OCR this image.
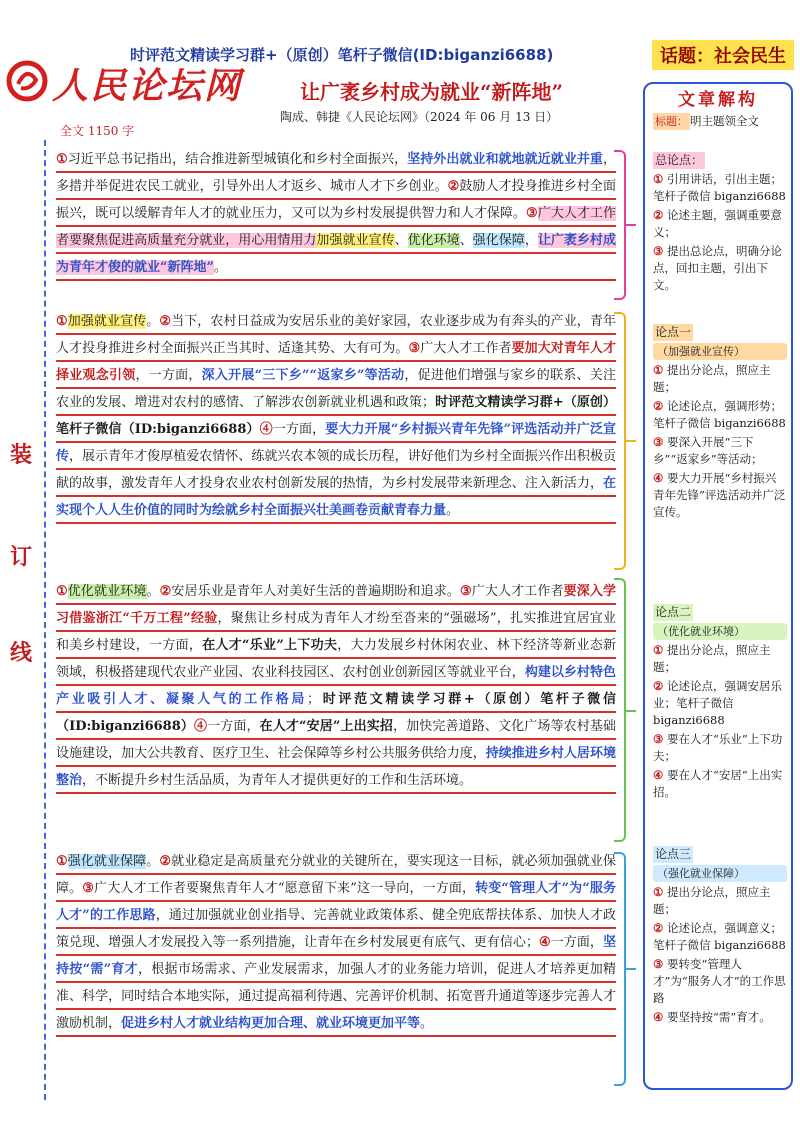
时评范文精读学习群+（原创）笔杆子微信(ID:biganzi6688)	话题：社会民生
人民论坛网	让广袤乡村成为就业“新阵地”
陶成、韩捷《人民论坛网》（2024 年 06 月 13 日）
全文 1150 字
装
订
线
①习近平总书记指出，结合推进新型城镇化和乡村全面振兴，坚持外出就业和就地就近就业并重，多措并举促进农民工就业，引导外出人才返乡、城市人才下乡创业。②鼓励人才投身推进乡村全面振兴，既可以缓解青年人才的就业压力，又可以为乡村发展提供智力和人才保障。③广大人才工作者要聚焦促进高质量充分就业，用心用情用力加强就业宣传、优化环境、强化保障，让广袤乡村成为青年才俊的就业“新阵地”。
①加强就业宣传。②当下，农村日益成为安居乐业的美好家园，农业逐步成为有奔头的产业，青年人才投身推进乡村全面振兴正当其时、适逢其势、大有可为。③广大人才工作者要加大对青年人才择业观念引领，一方面，深入开展“三下乡”“返家乡”等活动，促进他们增强与家乡的联系、关注农业的发展、增进对农村的感情、了解涉农创新就业机遇和政策；时评范文精读学习群+（原创）笔杆子微信（ID:biganzi6688）④一方面，要大力开展“乡村振兴青年先锋”评选活动并广泛宣传，展示青年才俊厚植爱农情怀、练就兴农本领的成长历程，讲好他们为乡村全面振兴作出积极贡献的故事，激发青年人才投身农业农村创新发展的热情，为乡村发展带来新理念、注入新活力，在实现个人人生价值的同时为绘就乡村全面振兴壮美画卷贡献青春力量。
①优化就业环境。②安居乐业是青年人对美好生活的普遍期盼和追求。③广大人才工作者要深入学习借鉴浙江“千万工程”经验，聚焦让乡村成为青年人才纷至沓来的“强磁场”，扎实推进宜居宜业和美乡村建设，一方面，在人才“乐业”上下功夫，大力发展乡村休闲农业、林下经济等新业态新领域，积极搭建现代农业产业园、农业科技园区、农村创业创新园区等就业平台，构建以乡村特色产业吸引人才、凝聚人气的工作格局；时评范文精读学习群+（原创）笔杆子微信（ID:biganzi6688）④一方面，在人才“安居”上出实招，加快完善道路、文化广场等农村基础设施建设，加大公共教育、医疗卫生、社会保障等乡村公共服务供给力度，持续推进乡村人居环境整治，不断提升乡村生活品质，为青年人才提供更好的工作和生活环境。
①强化就业保障。②就业稳定是高质量充分就业的关键所在，要实现这一目标，就必须加强就业保障。③广大人才工作者要聚焦青年人才“愿意留下来”这一导向，一方面，转变“管理人才”为“服务人才”的工作思路，通过加强就业创业指导、完善就业政策体系、健全兜底帮扶体系、加快人才政策兑现、增强人才发展投入等一系列措施，让青年在乡村发展更有底气、更有信心；④一方面，坚持按“需”育才，根据市场需求、产业发展需求，加强人才的业务能力培训，促进人才培养更加精准、科学，同时结合本地实际，通过提高福利待遇、完善评价机制、拓宽晋升通道等逐步完善人才激励机制，促进乡村人才就业结构更加合理、就业环境更加平等。
文章解构
标题： 明主题领全文
总论点：
① 引用讲话，引出主题；笔杆子微信 biganzi6688
② 论述主题，强调重要意义；
③ 提出总论点，明确分论点，回扣主题，引出下文。
论点一
（加强就业宣传）
① 提出分论点，照应主题；
② 论述论点，强调形势；笔杆子微信 biganzi6688
③ 要深入开展“三下乡”“返家乡”等活动；
④ 要大力开展“乡村振兴青年先锋”评选活动并广泛宣传。
论点二
（优化就业环境）
① 提出分论点，照应主题；
② 论述论点，强调安居乐业；笔杆子微信 biganzi6688
③ 要在人才“乐业”上下功夫；
④ 要在人才“安居”上出实招。
论点三
（强化就业保障）
① 提出分论点，照应主题；
② 论述论点，强调意义；笔杆子微信 biganzi6688
③ 要转变“管理人才”为“服务人才”的工作思路
④ 要坚持按“需”育才。
